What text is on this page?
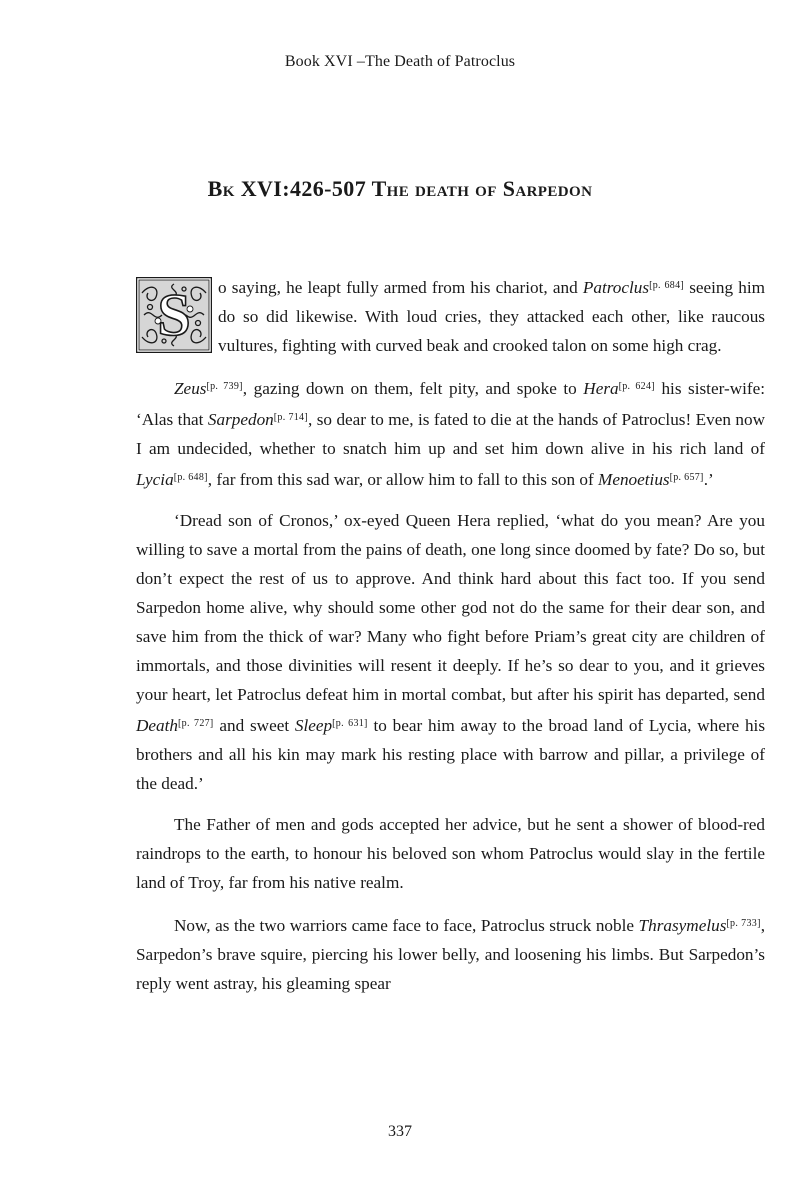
Book XVI –The Death of Patroclus
Bk XVI:426-507 The death of Sarpedon

S o saying, he leapt fully armed from his chariot, and Patroclus[p. 684] seeing him do so did likewise. With loud cries, they attacked each other, like raucous vultures, fighting with curved beak and crooked talon on some high crag.

Zeus[p. 739], gazing down on them, felt pity, and spoke to Hera[p. 624] his sister-wife: ‘Alas that Sarpedon[p. 714], so dear to me, is fated to die at the hands of Patroclus! Even now I am undecided, whether to snatch him up and set him down alive in his rich land of Lycia[p. 648], far from this sad war, or allow him to fall to this son of Menoetius[p. 657].’

‘Dread son of Cronos,’ ox-eyed Queen Hera replied, ‘what do you mean? Are you willing to save a mortal from the pains of death, one long since doomed by fate? Do so, but don’t expect the rest of us to approve. And think hard about this fact too. If you send Sarpedon home alive, why should some other god not do the same for their dear son, and save him from the thick of war? Many who fight before Priam’s great city are children of immortals, and those divinities will resent it deeply. If he’s so dear to you, and it grieves your heart, let Patroclus defeat him in mortal combat, but after his spirit has departed, send Death[p. 727] and sweet Sleep[p. 631] to bear him away to the broad land of Lycia, where his brothers and all his kin may mark his resting place with barrow and pillar, a privilege of the dead.’

The Father of men and gods accepted her advice, but he sent a shower of blood-red raindrops to the earth, to honour his beloved son whom Patroclus would slay in the fertile land of Troy, far from his native realm.

Now, as the two warriors came face to face, Patroclus struck noble Thrasymelus[p. 733], Sarpedon’s brave squire, piercing his lower belly, and loosening his limbs. But Sarpedon’s reply went astray, his gleaming spear

337
